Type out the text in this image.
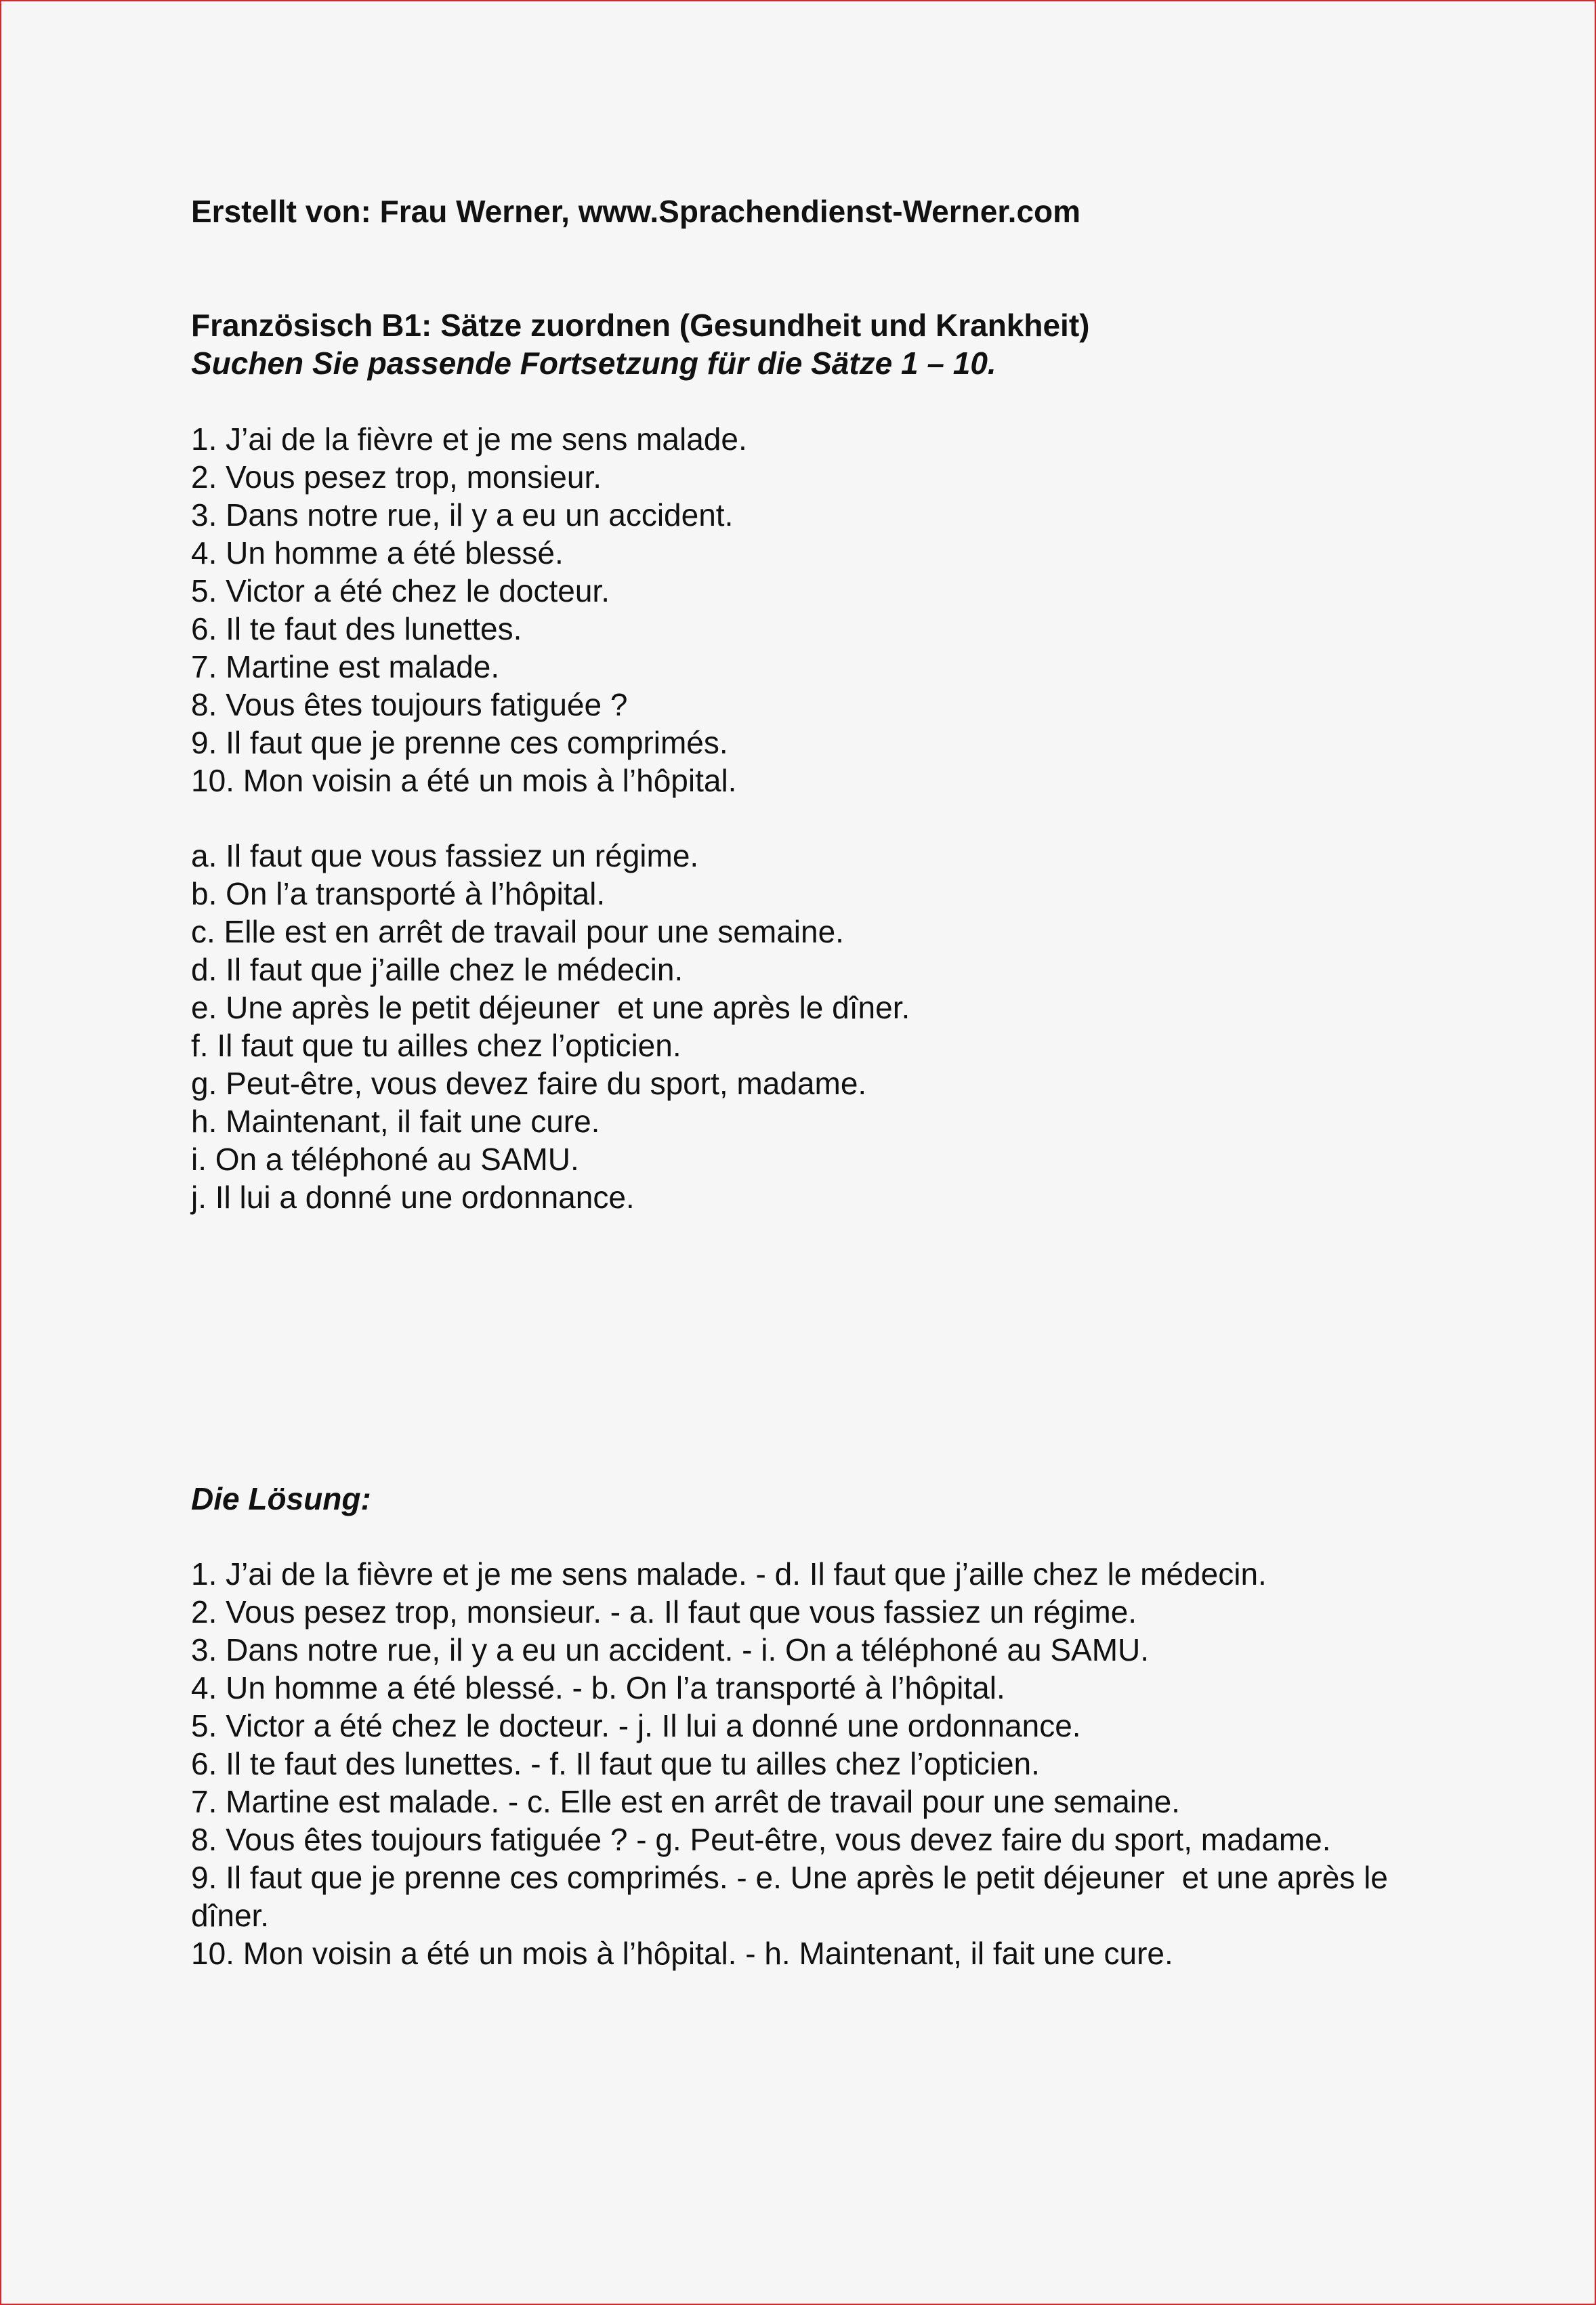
Erstellt von: Frau Werner, www.Sprachendienst-Werner.com
Französisch B1: Sätze zuordnen (Gesundheit und Krankheit)
Suchen Sie passende Fortsetzung für die Sätze 1 – 10.
1. J’ai de la fièvre et je me sens malade.
2. Vous pesez trop, monsieur.
3. Dans notre rue, il y a eu un accident.
4. Un homme a été blessé.
5. Victor a été chez le docteur.
6. Il te faut des lunettes.
7. Martine est malade.
8. Vous êtes toujours fatiguée ?
9. Il faut que je prenne ces comprimés.
10. Mon voisin a été un mois à l’hôpital.
a. Il faut que vous fassiez un régime.
b. On l’a transporté à l’hôpital.
c. Elle est en arrêt de travail pour une semaine.
d. Il faut que j’aille chez le médecin.
e. Une après le petit déjeuner  et une après le dîner.
f. Il faut que tu ailles chez l’opticien.
g. Peut-être, vous devez faire du sport, madame.
h. Maintenant, il fait une cure.
i. On a téléphoné au SAMU.
j. Il lui a donné une ordonnance.
Die Lösung:
1. J’ai de la fièvre et je me sens malade. - d. Il faut que j’aille chez le médecin.
2. Vous pesez trop, monsieur. - a. Il faut que vous fassiez un régime.
3. Dans notre rue, il y a eu un accident. - i. On a téléphoné au SAMU.
4. Un homme a été blessé. - b. On l’a transporté à l’hôpital.
5. Victor a été chez le docteur. - j. Il lui a donné une ordonnance.
6. Il te faut des lunettes. - f. Il faut que tu ailles chez l’opticien.
7. Martine est malade. - c. Elle est en arrêt de travail pour une semaine.
8. Vous êtes toujours fatiguée ? - g. Peut-être, vous devez faire du sport, madame.
9. Il faut que je prenne ces comprimés. - e. Une après le petit déjeuner  et une après le dîner.
10. Mon voisin a été un mois à l’hôpital. - h. Maintenant, il fait une cure.
